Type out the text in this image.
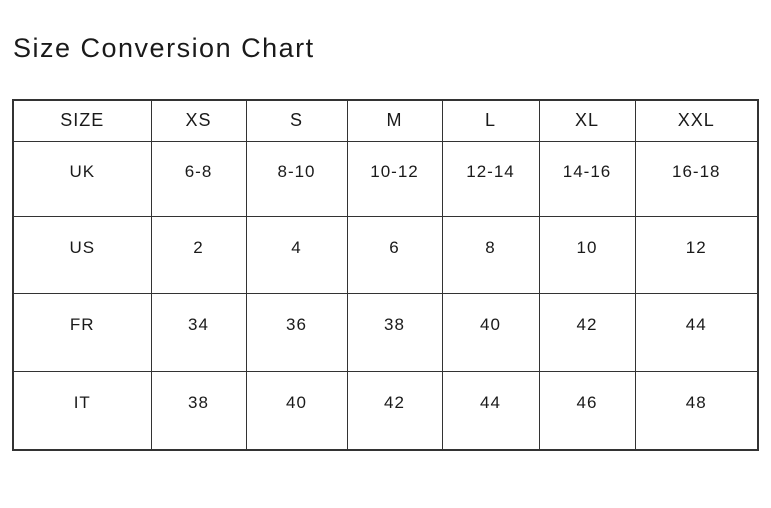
Size Conversion Chart
SIZE	XS	S	M	L	XL	XXL
UK	6-8	8-10	10-12	12-14	14-16	16-18
US	2	4	6	8	10	12
FR	34	36	38	40	42	44
IT	38	40	42	44	46	48
